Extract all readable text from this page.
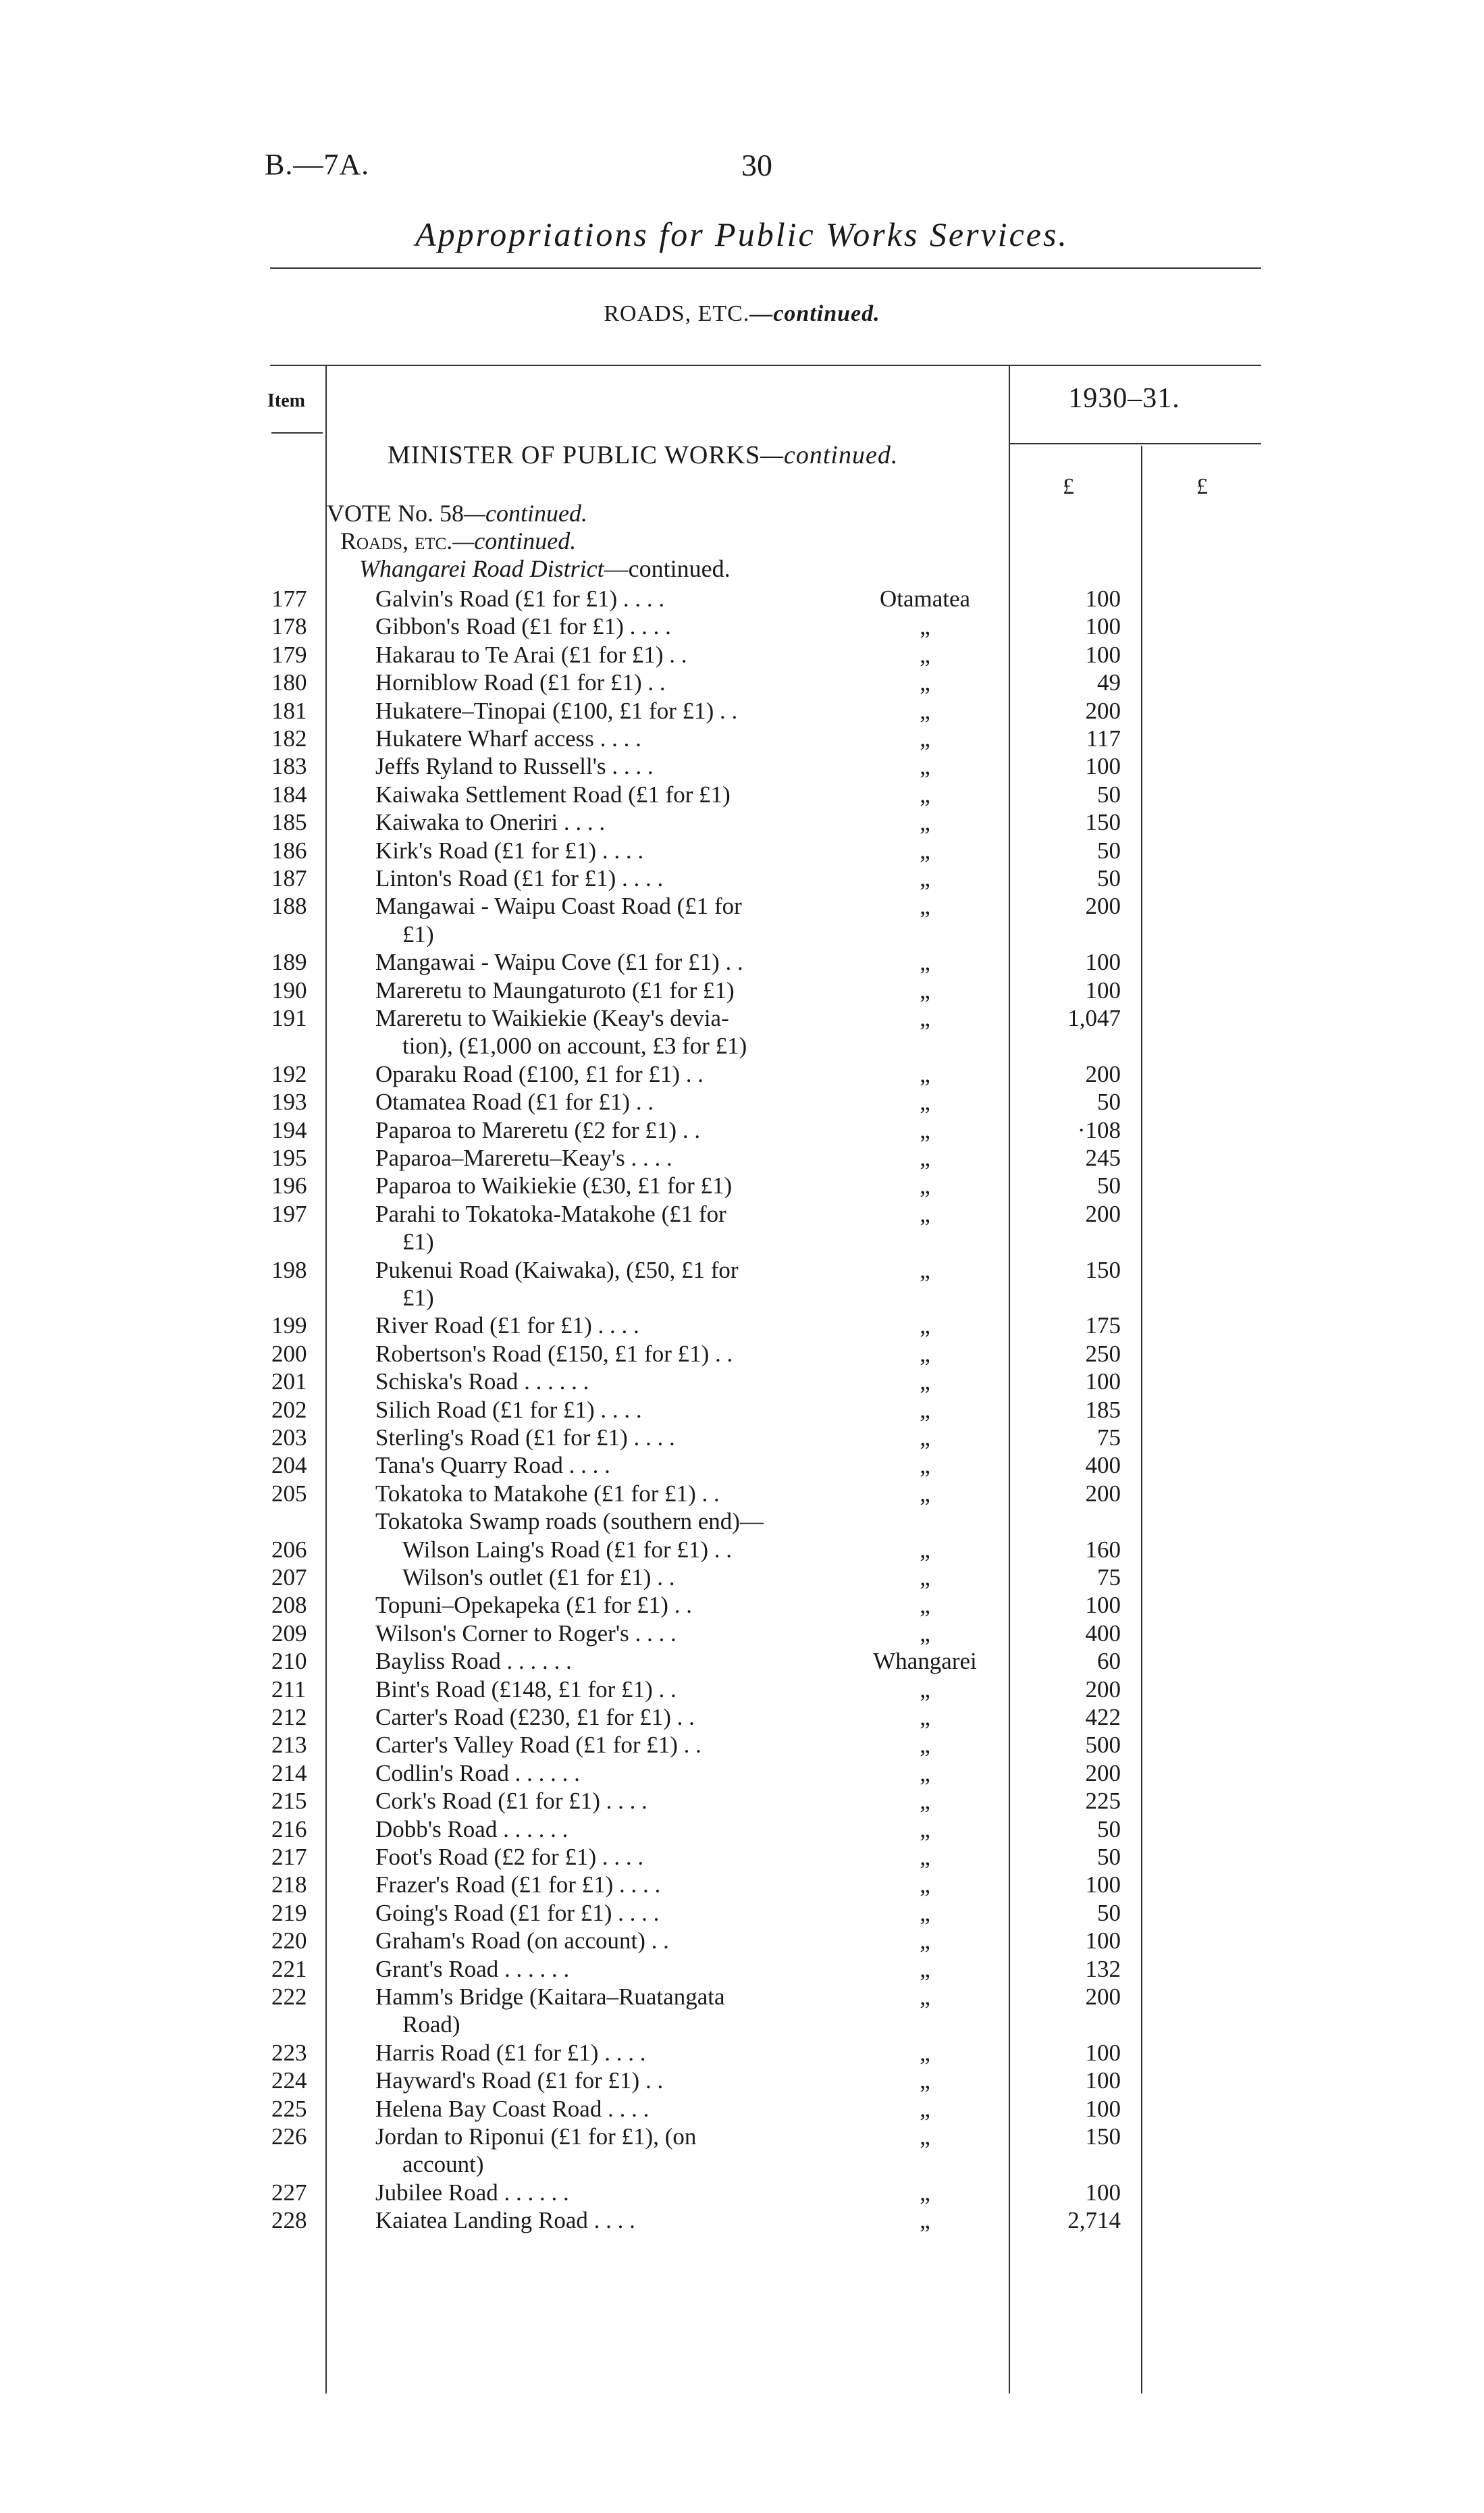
B.—7A.	30
Appropriations for Public Works Services.
ROADS, ETC.—continued.
Item	1930–31.
£	£
MINISTER OF PUBLIC WORKS—continued.
VOTE No. 58—continued.
Roads, etc.—continued.
Whangarei Road District—continued.
177	Galvin's Road (£1 for £1) . . . .	Otamatea	100
178	Gibbon's Road (£1 for £1) . . . .	„	100
179	Hakarau to Te Arai (£1 for £1) . .	„	100
180	Horniblow Road (£1 for £1) . .	„	49
181	Hukatere–Tinopai (£100, £1 for £1) . .	„	200
182	Hukatere Wharf access . . . .	„	117
183	Jeffs Ryland to Russell's . . . .	„	100
184	Kaiwaka Settlement Road (£1 for £1)	„	50
185	Kaiwaka to Oneriri . . . .	„	150
186	Kirk's Road (£1 for £1) . . . .	„	50
187	Linton's Road (£1 for £1) . . . .	„	50
188	Mangawai - Waipu Coast Road (£1 for	„	200
£1)
189	Mangawai - Waipu Cove (£1 for £1) . .	„	100
190	Mareretu to Maungaturoto (£1 for £1)	„	100
191	Mareretu to Waikiekie (Keay's devia-	„	1,047
tion), (£1,000 on account, £3 for £1)
192	Oparaku Road (£100, £1 for £1) . .	„	200
193	Otamatea Road (£1 for £1) . .	„	50
194	Paparoa to Mareretu (£2 for £1) . .	„	·108
195	Paparoa–Mareretu–Keay's . . . .	„	245
196	Paparoa to Waikiekie (£30, £1 for £1)	„	50
197	Parahi to Tokatoka-Matakohe (£1 for	„	200
£1)
198	Pukenui Road (Kaiwaka), (£50, £1 for	„	150
£1)
199	River Road (£1 for £1) . . . .	„	175
200	Robertson's Road (£150, £1 for £1) . .	„	250
201	Schiska's Road . . . . . .	„	100
202	Silich Road (£1 for £1) . . . .	„	185
203	Sterling's Road (£1 for £1) . . . .	„	75
204	Tana's Quarry Road . . . .	„	400
205	Tokatoka to Matakohe (£1 for £1) . .	„	200
Tokatoka Swamp roads (southern end)—
206	Wilson Laing's Road (£1 for £1) . .	„	160
207	Wilson's outlet (£1 for £1) . .	„	75
208	Topuni–Opekapeka (£1 for £1) . .	„	100
209	Wilson's Corner to Roger's . . . .	„	400
210	Bayliss Road . . . . . .	Whangarei	60
211	Bint's Road (£148, £1 for £1) . .	„	200
212	Carter's Road (£230, £1 for £1) . .	„	422
213	Carter's Valley Road (£1 for £1) . .	„	500
214	Codlin's Road . . . . . .	„	200
215	Cork's Road (£1 for £1) . . . .	„	225
216	Dobb's Road . . . . . .	„	50
217	Foot's Road (£2 for £1) . . . .	„	50
218	Frazer's Road (£1 for £1) . . . .	„	100
219	Going's Road (£1 for £1) . . . .	„	50
220	Graham's Road (on account) . .	„	100
221	Grant's Road . . . . . .	„	132
222	Hamm's Bridge (Kaitara–Ruatangata	„	200
Road)
223	Harris Road (£1 for £1) . . . .	„	100
224	Hayward's Road (£1 for £1) . .	„	100
225	Helena Bay Coast Road . . . .	„	100
226	Jordan to Riponui (£1 for £1), (on	„	150
account)
227	Jubilee Road . . . . . .	„	100
228	Kaiatea Landing Road . . . .	„	2,714
